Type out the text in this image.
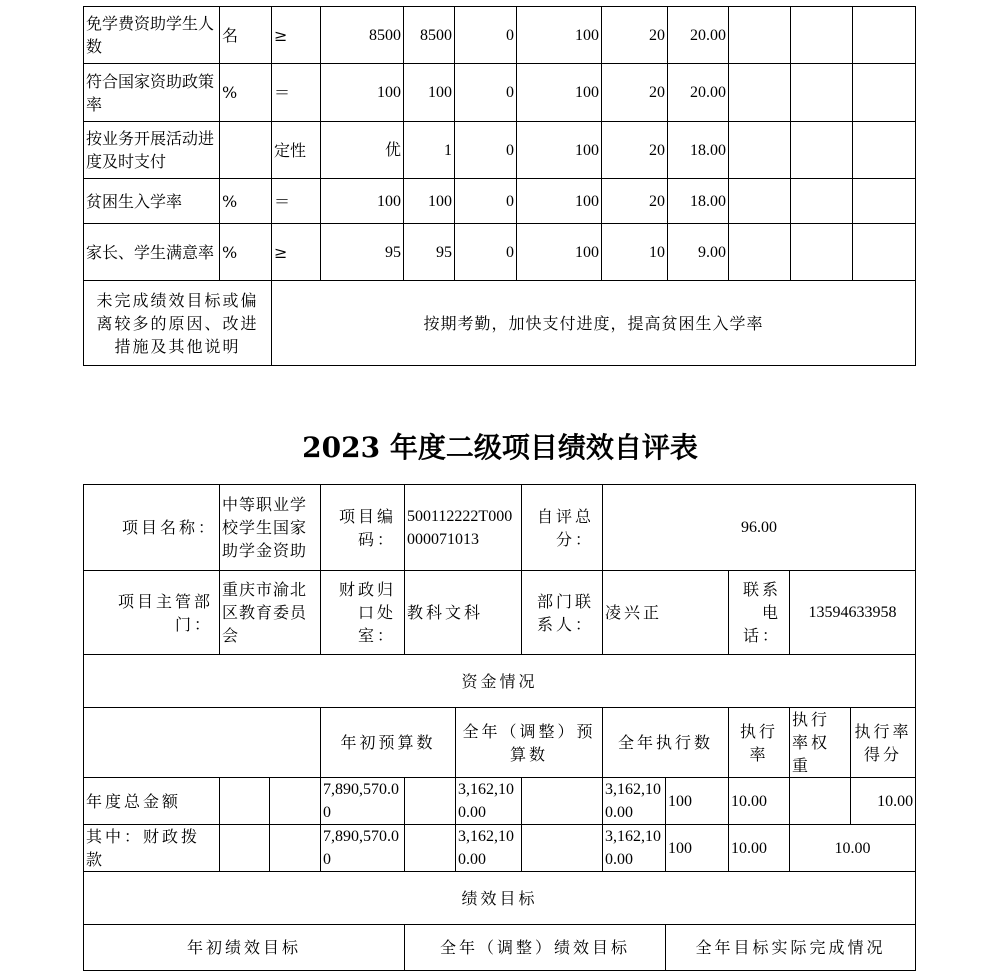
免学费资助学生人数	名	≥	8500	8500	0	100	20	20.00			
符合国家资助政策率	%	＝	100	100	0	100	20	20.00			
按业务开展活动进度及时支付		定性	优	1	0	100	20	18.00			
贫困生入学率	%	＝	100	100	0	100	20	18.00			
家长、学生满意率	%	≥	95	95	0	100	10	9.00			
未完成绩效目标或偏离较多的原因、改进措施及其他说明		按期考勤，加快支付进度，提高贫困生入学率									
2023 年度二级项目绩效自评表
项目名称：	中等职业学校学生国家助学金资助		项目编码：	500112222T000000071013		自评总分：	96.00				
项目主管部门：	重庆市渝北区教育委员会		财政归口处室：	教科文科		部门联系人：	凌兴正		联系电话：	13594633958	
资金情况											
			年初预算数		全年（调整）预算数		全年执行数		执行率	执行率权重	执行率得分
年度总金额			7,890,570.00		3,162,100.00		3,162,100.00	100	10.00		10.00
其中：财政拨款			7,890,570.00		3,162,100.00		3,162,100.00	100	10.00	10.00	
绩效目标											
年初绩效目标				全年（调整）绩效目标				全年目标实际完成情况			
